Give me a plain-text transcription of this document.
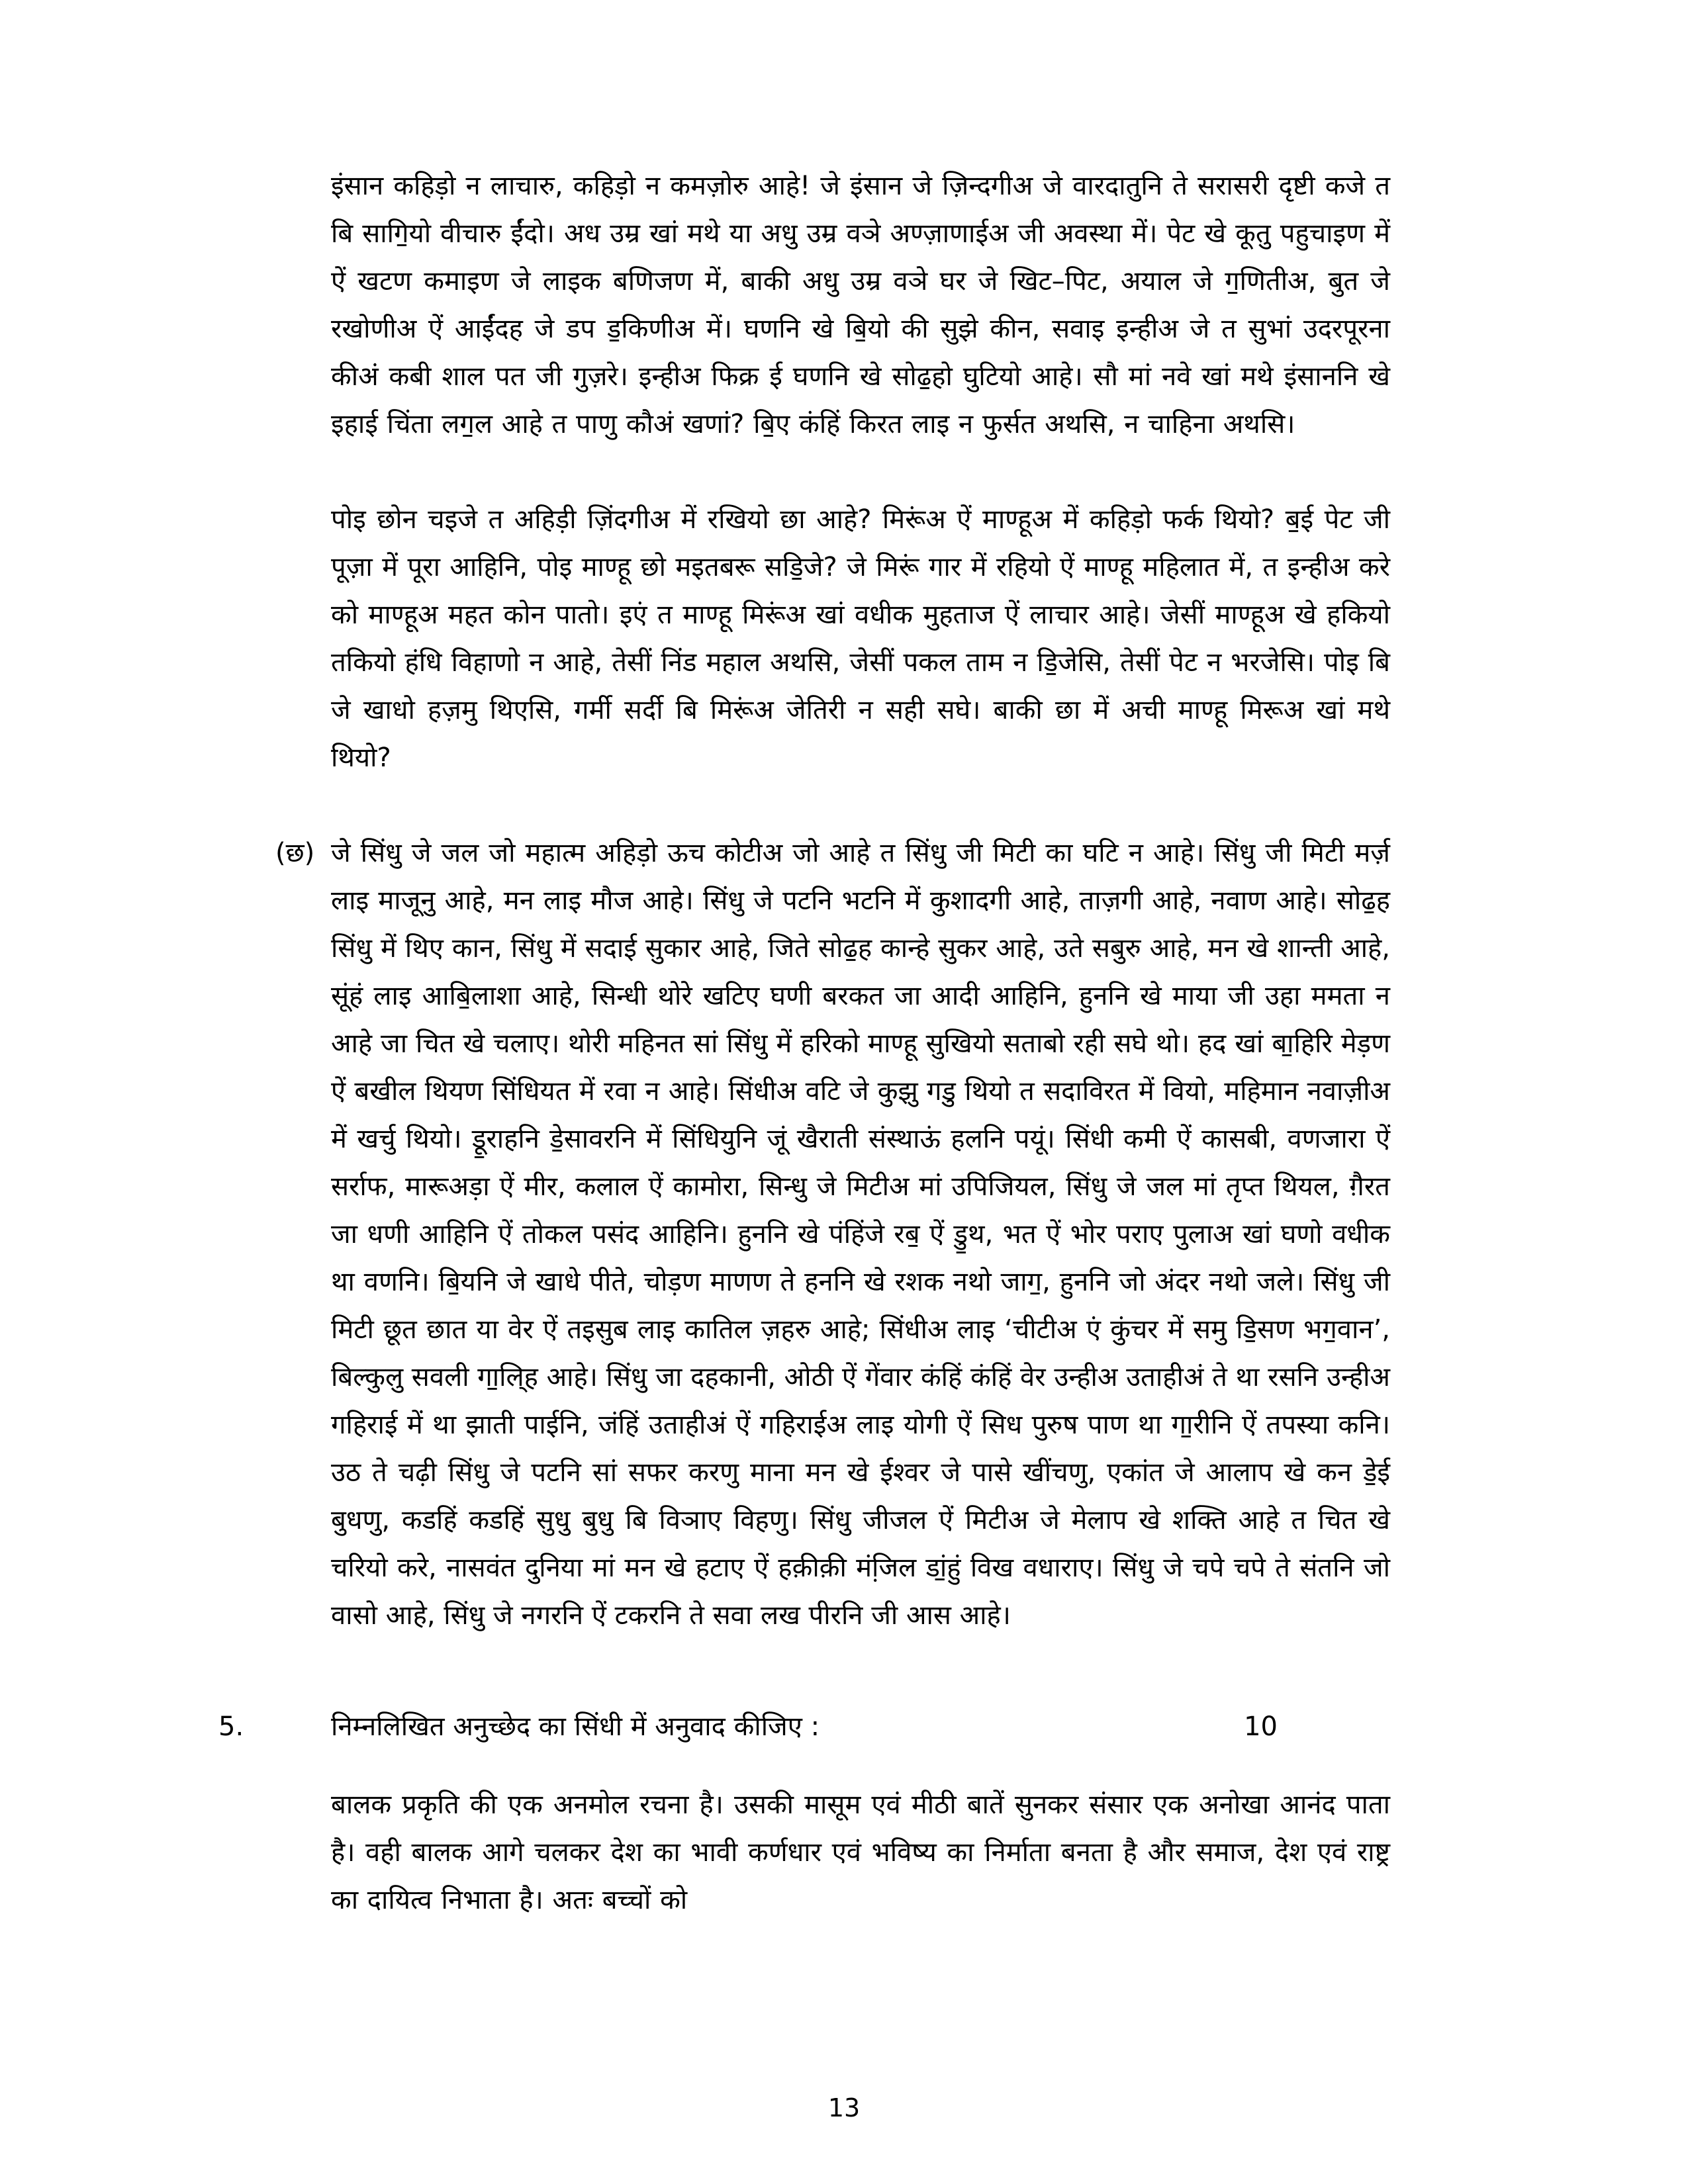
इंसान कहिड़ो न लाचारु, कहिड़ो न कमज़ोरु आहे! जे इंसान जे ज़िन्दगीअ जे वारदातुनि ते सरासरी दृष्टी कजे त बि सागि॒यो वीचारु ईंदो। अध उम्र खां मथे या अधु उम्र वञे अण्ज़ाणाईअ जी अवस्था में। पेट खे कूतु पहुचाइण में ऐं खटण कमाइण जे लाइक बणिजण में, बाकी अधु उम्र वञे घर जे खिट–पिट, अयाल जे ग॒णितीअ, बुत जे रखोणीअ ऐं आईंदह जे डप ड॒किणीअ में। घणनि खे बि॒यो की सुझे कीन, सवाइ इन्हीअ जे त सुभां उदरपूरना कीअं कबी शाल पत जी गुज़रे। इन्हीअ फिक्र ई घणनि खे सोढ॒हो घुटियो आहे। सौ मां नवे खां मथे इंसाननि खे इहाई चिंता लग॒ल आहे त पाणु कौअं खणां? बि॒ए कंहिं किरत लाइ न फुर्सत अथसि, न चाहिना अथसि।

पोइ छोन चइजे त अहिड़ी ज़िंदगीअ में रखियो छा आहे? मिरूंअ ऐं माण्हूअ में कहिड़ो फर्क थियो? ब॒ई पेट जी पूज़ा में पूरा आहिनि, पोइ माण्हू छो मइतबरू सडि॒जे? जे मिरूं गार में रहियो ऐं माण्हू महिलात में, त इन्हीअ करे को माण्हूअ महत कोन पातो। इएं त माण्हू मिरूंअ खां वधीक मुहताज ऐं लाचार आहे। जेसीं माण्हूअ खे हकियो तकियो हंधि विहाणो न आहे, तेसीं निंड महाल अथसि, जेसीं पकल ताम न डि॒जेसि, तेसीं पेट न भरजेसि। पोइ बि जे खाधो हज़मु थिएसि, गर्मी सर्दी बि मिरूंअ जेतिरी न सही सघे। बाकी छा में अची माण्हू मिरूअ खां मथे थियो?

(छ) जे सिंधु जे जल जो महात्म अहिड़ो ऊच कोटीअ जो आहे त सिंधु जी मिटी का घटि न आहे। सिंधु जी मिटी मर्ज़ लाइ माजूनु आहे, मन लाइ मौज आहे। सिंधु जे पटनि भटनि में कुशादगी आहे, ताज़गी आहे, नवाण आहे। सोढ॒ह सिंधु में थिए कान, सिंधु में सदाई सुकार आहे, जिते सोढ॒ह कान्हे सुकर आहे, उते सबुरु आहे, मन खे शान्ती आहे, सूंहं लाइ आबि॒लाशा आहे, सिन्धी थोरे खटिए घणी बरकत जा आदी आहिनि, हुननि खे माया जी उहा ममता न आहे जा चित खे चलाए। थोरी महिनत सां सिंधु में हरिको माण्हू सुखियो सताबो रही सघे थो। हद खां बा॒हिरि मेड़ण ऐं बखील थियण सिंधियत में रवा न आहे। सिंधीअ वटि जे कुझु गडु थियो त सदाविरत में वियो, महिमान नवाज़ीअ में खर्चु थियो। डू॒राहनि डे॒सावरनि में सिंधियुनि जूं खैराती संस्थाऊं हलनि पयूं। सिंधी कमी ऐं कासबी, वणजारा ऐं सर्राफ, मारूअड़ा ऐं मीर, कलाल ऐं कामोरा, सिन्धु जे मिटीअ मां उपिजियल, सिंधु जे जल मां तृप्त थियल, ग़ैरत जा धणी आहिनि ऐं तोकल पसंद आहिनि। हुननि खे पंहिंजे रब॒ ऐं डु॒थ, भत ऐं भोर पराए पुलाअ खां घणो वधीक था वणनि। बि॒यनि जे खाधे पीते, चोड़ण माणण ते हननि खे रशक नथो जाग॒, हुननि जो अंदर नथो जले। सिंधु जी मिटी छूत छात या वेर ऐं तइसुब लाइ कातिल ज़हरु आहे; सिंधीअ लाइ ‘चीटीअ एं कुंचर में समु डि॒सण भग॒वान’, बिल्कुलु सवली गा॒लि्ह आहे। सिंधु जा दहकानी, ओठी ऐं गेंवार कंहिं कंहिं वेर उन्हीअ उताहीअं ते था रसनि उन्हीअ गहिराई में था झाती पाईनि, जंहिं उताहीअं ऐं गहिराईअ लाइ योगी ऐं सिध पुरुष पाण था गा॒रीनि ऐं तपस्या कनि। उठ ते चढ़ी सिंधु जे पटनि सां सफर करणु माना मन खे ईश्वर जे पासे खींचणु, एकांत जे आलाप खे कन डे॒ई बुधणु, कडहिं कडहिं सुधु बुधु बि विञाए विहणु। सिंधु जीजल ऐं मिटीअ जे मेलाप खे शक्ति आहे त चित खे चरियो करे, नासवंत दुनिया मां मन खे हटाए ऐं हक़ीक़ी मंजि़ल डां॒हुं विख वधाराए। सिंधु जे चपे चपे ते संतनि जो वासो आहे, सिंधु जे नगरनि ऐं टकरनि ते सवा लख पीरनि जी आस आहे।
5.	निम्नलिखित अनुच्छेद का सिंधी में अनुवाद कीजिए :	10

बालक प्रकृति की एक अनमोल रचना है। उसकी मासूम एवं मीठी बातें सुनकर संसार एक अनोखा आनंद पाता है। वही बालक आगे चलकर देश का भावी कर्णधार एवं भविष्य का निर्माता बनता है और समाज, देश एवं राष्ट्र का दायित्व निभाता है। अतः बच्चों को

13
